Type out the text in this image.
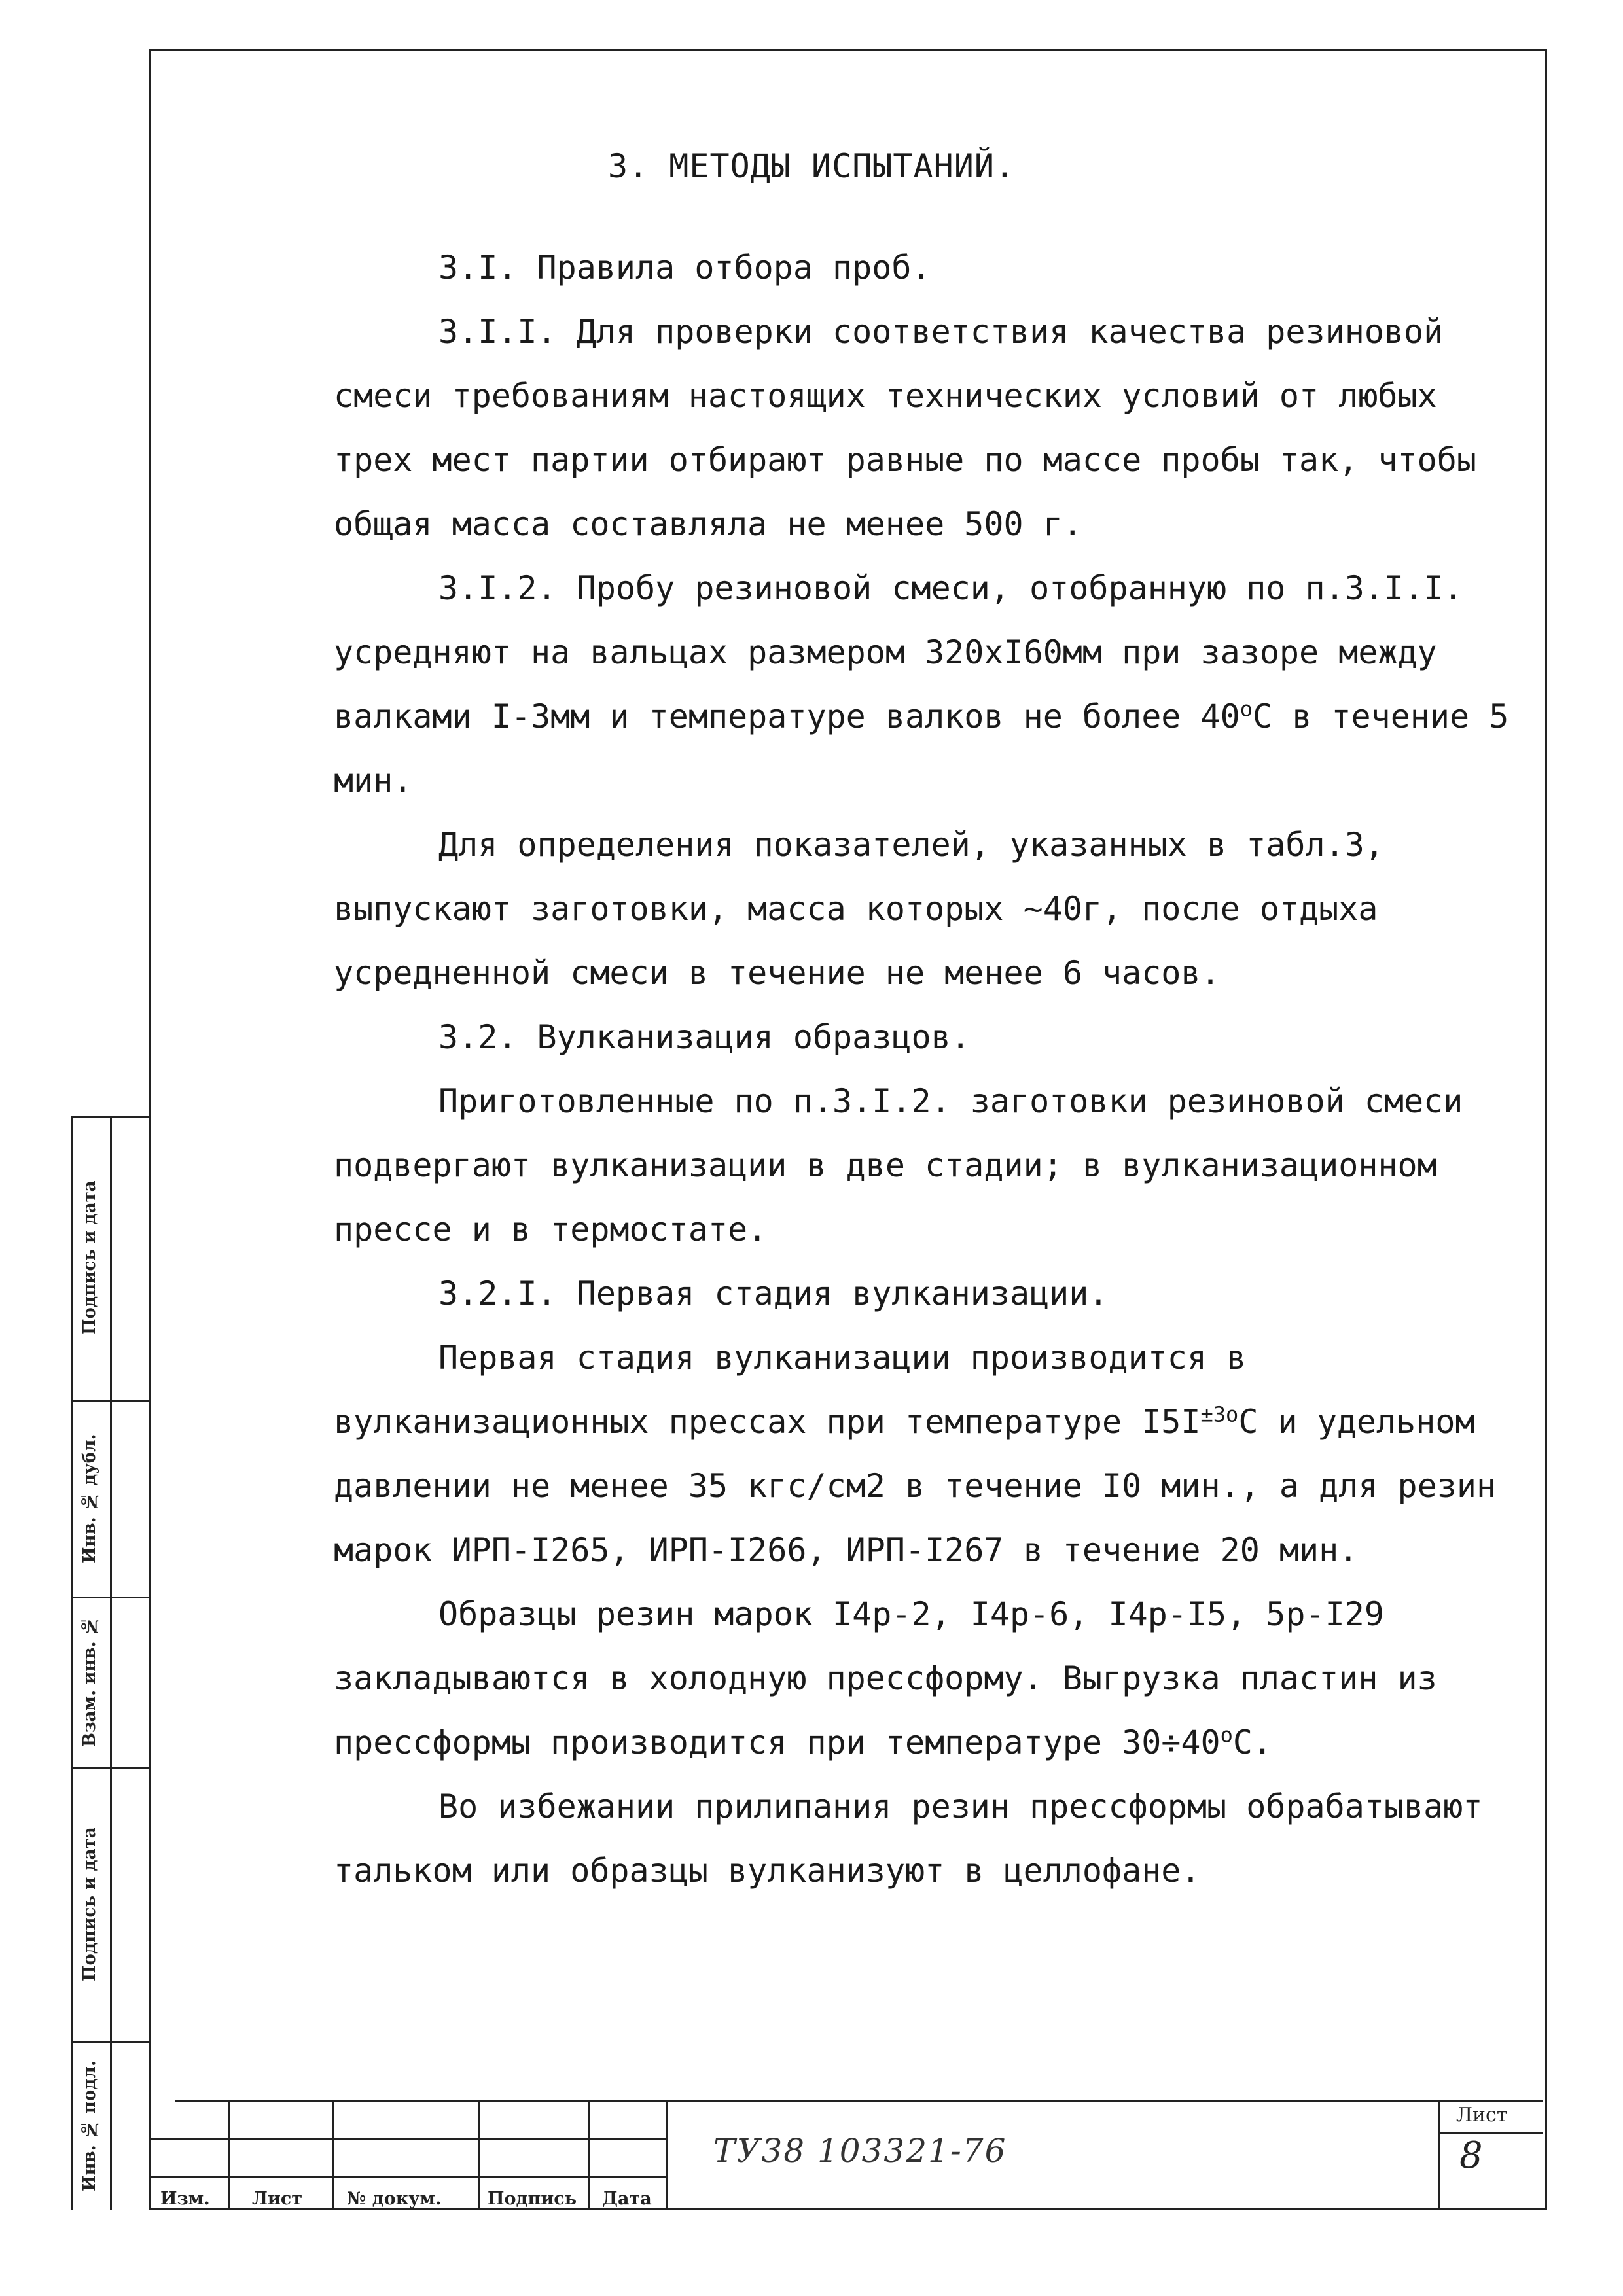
3. МЕТОДЫ ИСПЫТАНИЙ.

3.I. Правила отбора проб.

3.I.I. Для проверки соответствия качества резиновой смеси требованиям настоящих технических условий от любых трех мест партии отбирают равные по массе пробы так, чтобы общая масса составляла не менее 500 г.

3.I.2. Пробу резиновой смеси, отобранную по п.3.I.I. усредняют на вальцах размером 320хI60мм при зазоре между валками I-3мм и температуре валков не более 40$^o$C в течение 5 мин.

Для определения показателей, указанных в табл.3, выпускают заготовки, масса которых ~40г, после отдыха усредненной смеси в течение не менее 6 часов.

3.2. Вулканизация образцов.

Приготовленные по п.3.I.2. заготовки резиновой смеси подвергают вулканизации в две стадии; в вулканизационном прессе и в термостате.

3.2.I. Первая стадия вулканизации.

Первая стадия вулканизации производится в вулканизационных прессах при температуре $I5I^{\pm 3o}C$ и удельном давлении не менее 35 кгс/см2 в течение I0 мин., а для резин марок ИРП-I265, ИРП-I266, ИРП-I267 в течение 20 мин.

Образцы резин марок I4р-2, I4р-6, I4р-I5, 5р-I29 закладываются в холодную прессформу. Выгрузка пластин из прессформы производится при температуре $30\div 40^oC$.

Во избежании прилипания резин прессформы обрабатывают тальком или образцы вулканизуют в целлофане.

Подпись и дата
Инв. № дубл.
Взам. инв. №
Подпись и дата
Инв. № подл.
Изм. Лист	№ докум.	Подпись Дата
ТУ38 103321-76
Лист
8
